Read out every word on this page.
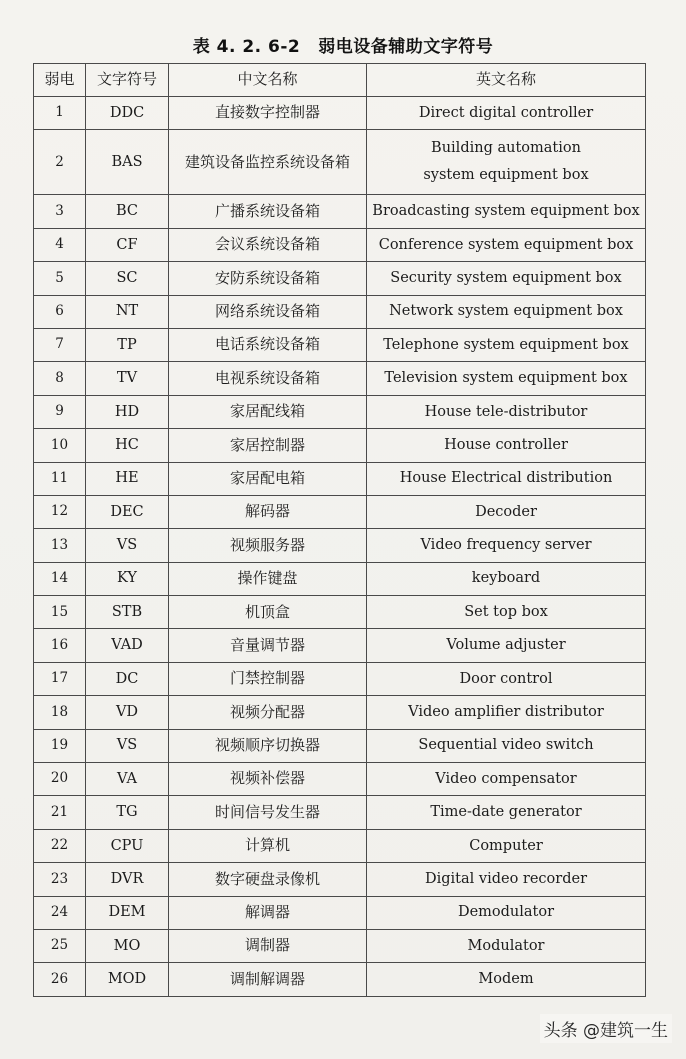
表 4. 2. 6-2 弱电设备辅助文字符号
弱电	文字符号	中文名称	英文名称
1	DDC	直接数字控制器	Direct digital controller
2	BAS	建筑设备监控系统设备箱	Building automation
system equipment box

3	BC	广播系统设备箱	Broadcasting system equipment box
4	CF	会议系统设备箱	Conference system equipment box
5	SC	安防系统设备箱	Security system equipment box
6	NT	网络系统设备箱	Network system equipment box
7	TP	电话系统设备箱	Telephone system equipment box
8	TV	电视系统设备箱	Television system equipment box
9	HD	家居配线箱	House tele-distributor
10	HC	家居控制器	House controller
11	HE	家居配电箱	House Electrical distribution
12	DEC	解码器	Decoder
13	VS	视频服务器	Video frequency server
14	KY	操作键盘	keyboard
15	STB	机顶盒	Set top box
16	VAD	音量调节器	Volume adjuster
17	DC	门禁控制器	Door control
18	VD	视频分配器	Video amplifier distributor
19	VS	视频顺序切换器	Sequential video switch
20	VA	视频补偿器	Video compensator
21	TG	时间信号发生器	Time-date generator
22	CPU	计算机	Computer
23	DVR	数字硬盘录像机	Digital video recorder
24	DEM	解调器	Demodulator
25	MO	调制器	Modulator
26	MOD	调制解调器	Modem
头条 @建筑一生
